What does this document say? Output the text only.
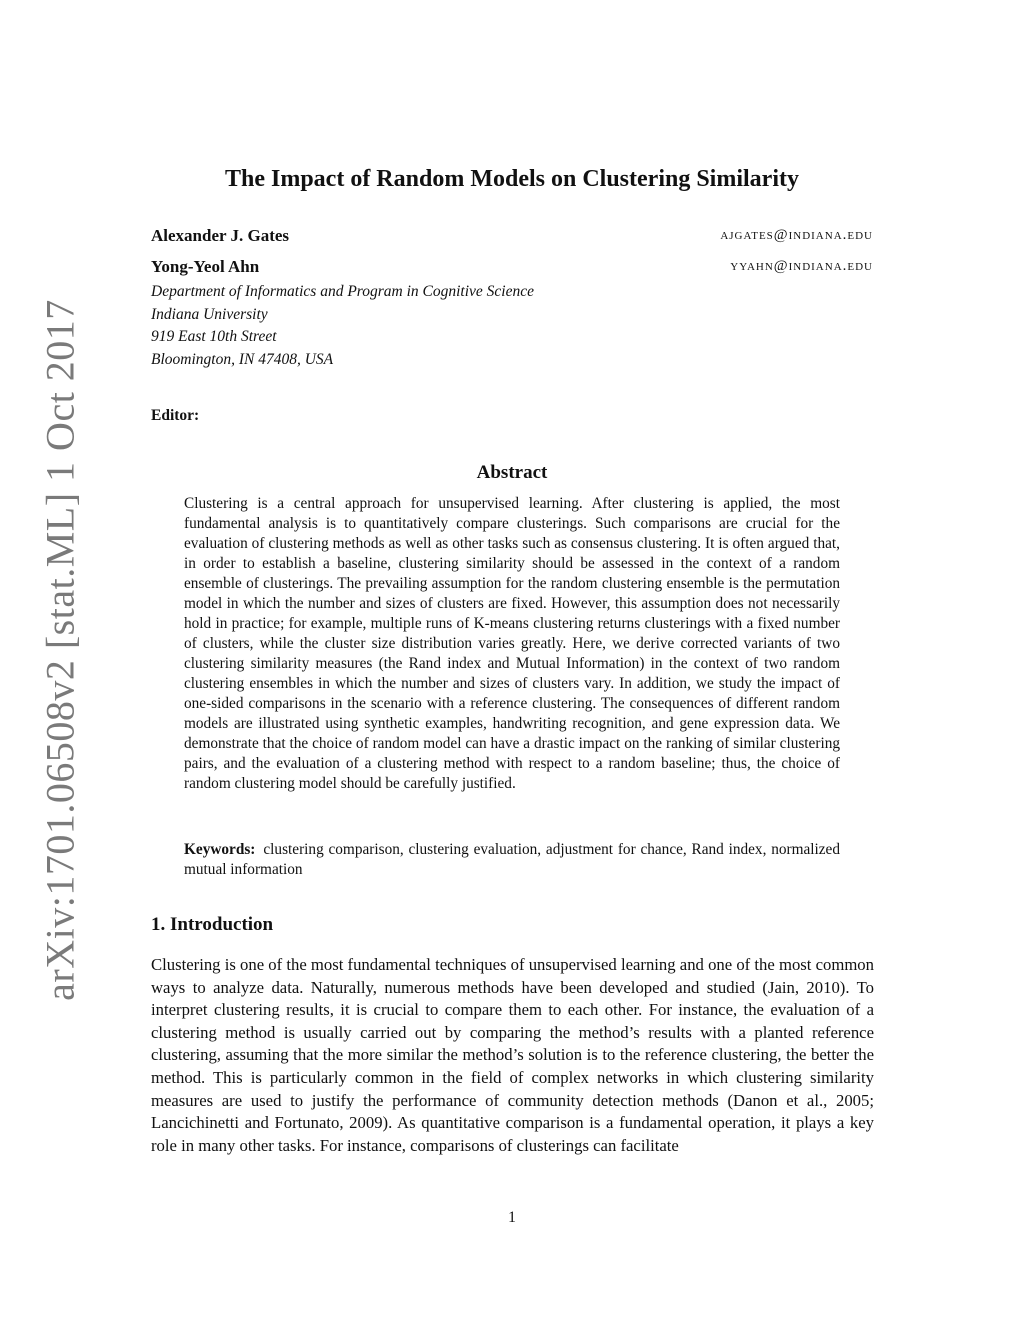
arXiv:1701.06508v2 [stat.ML] 1 Oct 2017
The Impact of Random Models on Clustering Similarity
Alexander J. Gates	ajgates@indiana.edu
Yong-Yeol Ahn	yyahn@indiana.edu
Department of Informatics and Program in Cognitive Science
Indiana University
919 East 10th Street
Bloomington, IN 47408, USA
Editor:
Abstract
Clustering is a central approach for unsupervised learning. After clustering is applied, the most fundamental analysis is to quantitatively compare clusterings. Such comparisons are crucial for the evaluation of clustering methods as well as other tasks such as consensus clustering. It is often argued that, in order to establish a baseline, clustering similarity should be assessed in the context of a random ensemble of clusterings. The prevailing assumption for the random clustering ensemble is the permutation model in which the number and sizes of clusters are fixed. However, this assumption does not necessarily hold in practice; for example, multiple runs of K-means clustering returns clusterings with a fixed number of clusters, while the cluster size distribution varies greatly. Here, we derive corrected variants of two clustering similarity measures (the Rand index and Mutual Information) in the context of two random clustering ensembles in which the number and sizes of clusters vary. In addition, we study the impact of one-sided comparisons in the scenario with a reference clustering. The consequences of different random models are illustrated using synthetic examples, handwriting recognition, and gene expression data. We demonstrate that the choice of random model can have a drastic impact on the ranking of similar clustering pairs, and the evaluation of a clustering method with respect to a random baseline; thus, the choice of random clustering model should be carefully justified.
Keywords: clustering comparison, clustering evaluation, adjustment for chance, Rand index, normalized mutual information
1. Introduction
Clustering is one of the most fundamental techniques of unsupervised learning and one of the most common ways to analyze data. Naturally, numerous methods have been developed and studied (Jain, 2010). To interpret clustering results, it is crucial to compare them to each other. For instance, the evaluation of a clustering method is usually carried out by comparing the method’s results with a planted reference clustering, assuming that the more similar the method’s solution is to the reference clustering, the better the method. This is particularly common in the field of complex networks in which clustering similarity measures are used to justify the performance of community detection methods (Danon et al., 2005; Lancichinetti and Fortunato, 2009). As quantitative comparison is a fundamental operation, it plays a key role in many other tasks. For instance, comparisons of clusterings can facilitate
1
